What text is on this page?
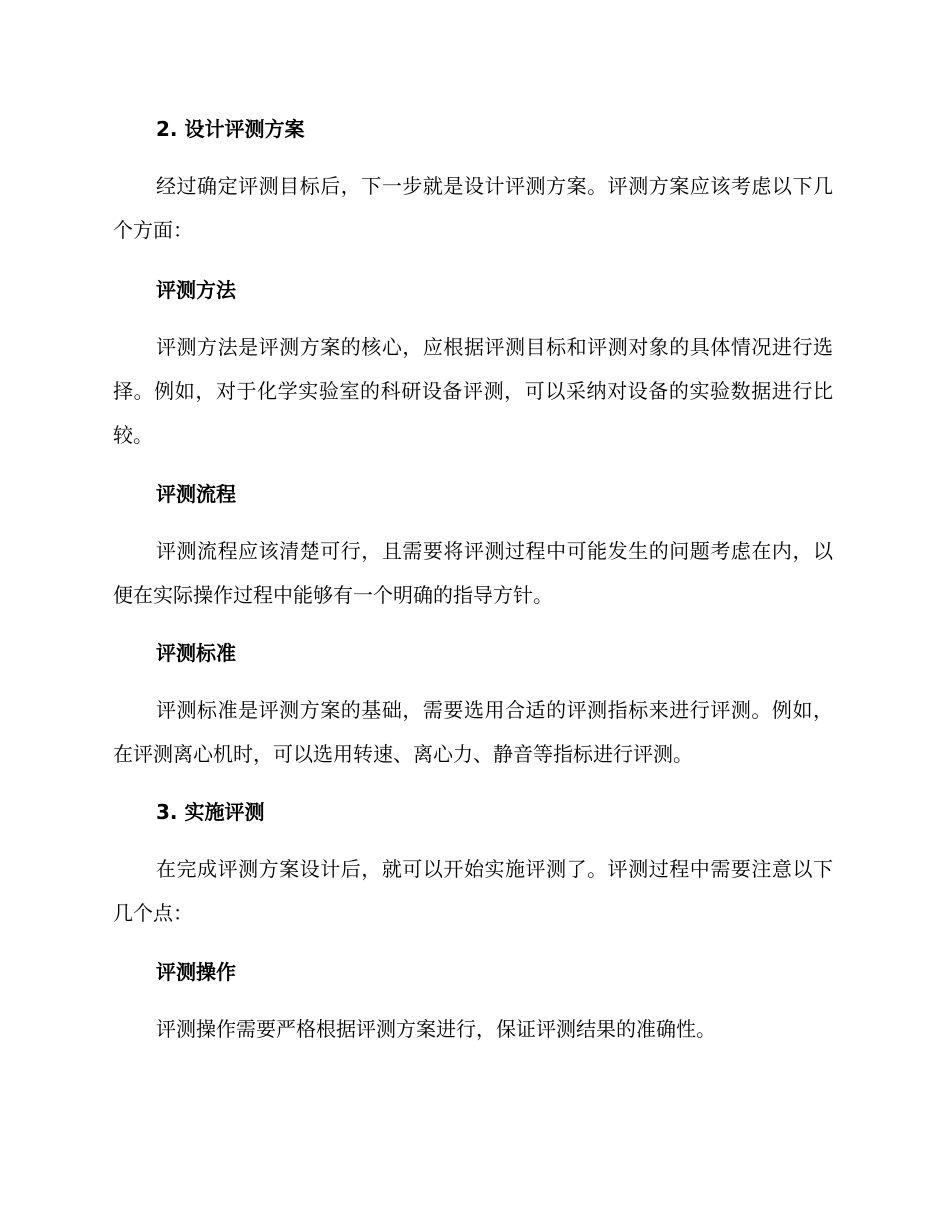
2. 设计评测方案
经过确定评测目标后，下一步就是设计评测方案。评测方案应该考虑以下几个方面：
评测方法
评测方法是评测方案的核心，应根据评测目标和评测对象的具体情况进行选择。例如，对于化学实验室的科研设备评测，可以采纳对设备的实验数据进行比较。
评测流程
评测流程应该清楚可行，且需要将评测过程中可能发生的问题考虑在内，以便在实际操作过程中能够有一个明确的指导方针。
评测标准
评测标准是评测方案的基础，需要选用合适的评测指标来进行评测。例如，在评测离心机时，可以选用转速、离心力、静音等指标进行评测。
3. 实施评测
在完成评测方案设计后，就可以开始实施评测了。评测过程中需要注意以下几个点：
评测操作
评测操作需要严格根据评测方案进行，保证评测结果的准确性。
